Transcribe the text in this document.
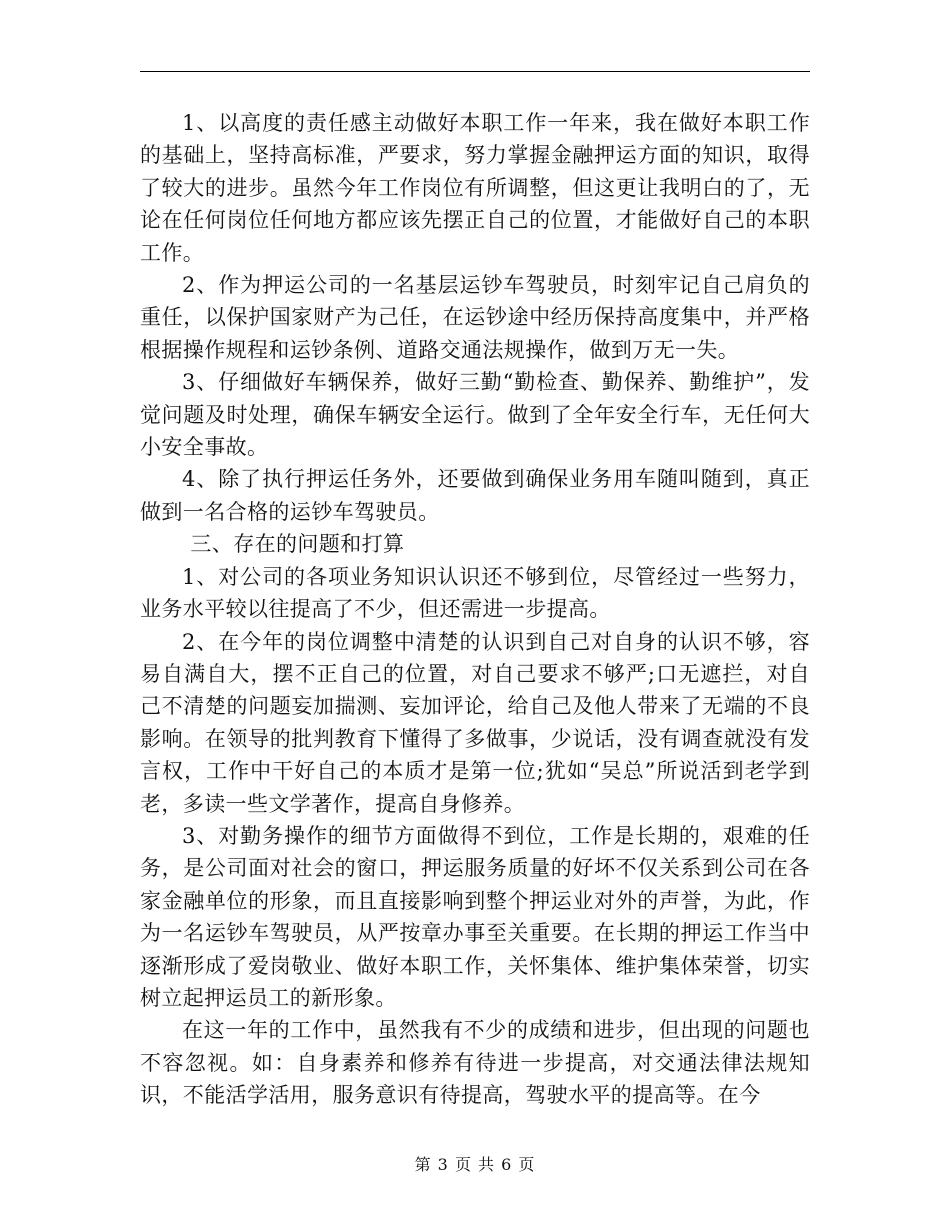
1、以高度的责任感主动做好本职工作一年来，我在做好本职工作的基础上，坚持高标准，严要求，努力掌握金融押运方面的知识，取得了较大的进步。虽然今年工作岗位有所调整，但这更让我明白的了，无论在任何岗位任何地方都应该先摆正自己的位置，才能做好自己的本职工作。

2、作为押运公司的一名基层运钞车驾驶员，时刻牢记自己肩负的重任，以保护国家财产为己任，在运钞途中经历保持高度集中，并严格根据操作规程和运钞条例、道路交通法规操作，做到万无一失。

3、仔细做好车辆保养，做好三勤“勤检查、勤保养、勤维护”，发觉问题及时处理，确保车辆安全运行。做到了全年安全行车，无任何大小安全事故。

4、除了执行押运任务外，还要做到确保业务用车随叫随到，真正做到一名合格的运钞车驾驶员。

三、存在的问题和打算

1、对公司的各项业务知识认识还不够到位，尽管经过一些努力，业务水平较以往提高了不少，但还需进一步提高。

2、在今年的岗位调整中清楚的认识到自己对自身的认识不够，容易自满自大，摆不正自己的位置，对自己要求不够严;口无遮拦，对自己不清楚的问题妄加揣测、妄加评论，给自己及他人带来了无端的不良影响。在领导的批判教育下懂得了多做事，少说话，没有调查就没有发言权，工作中干好自己的本质才是第一位;犹如“吴总”所说活到老学到老，多读一些文学著作，提高自身修养。

3、对勤务操作的细节方面做得不到位，工作是长期的，艰难的任务，是公司面对社会的窗口，押运服务质量的好坏不仅关系到公司在各家金融单位的形象，而且直接影响到整个押运业对外的声誉，为此，作为一名运钞车驾驶员，从严按章办事至关重要。在长期的押运工作当中逐渐形成了爱岗敬业、做好本职工作，关怀集体、维护集体荣誉，切实树立起押运员工的新形象。

在这一年的工作中，虽然我有不少的成绩和进步，但出现的问题也不容忽视。如：自身素养和修养有待进一步提高，对交通法律法规知识，不能活学活用，服务意识有待提高，驾驶水平的提高等。在今

第 3 页 共 6 页
